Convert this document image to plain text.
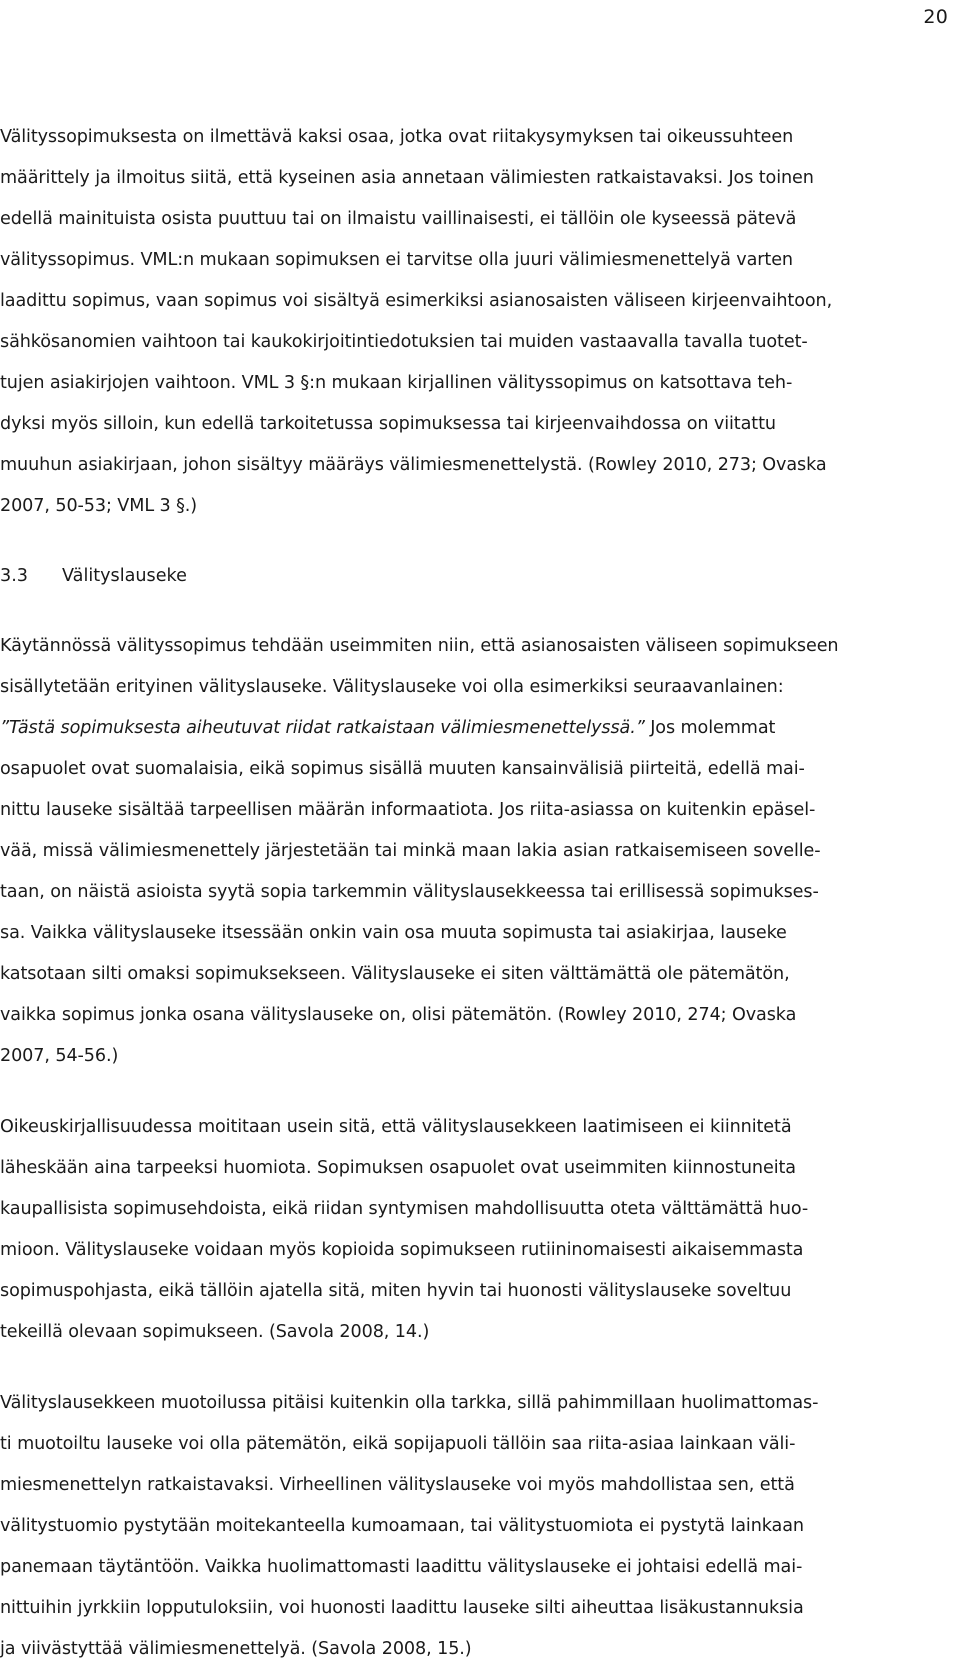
20
Välityssopimuksesta on ilmettävä kaksi osaa, jotka ovat riitakysymyksen tai oikeussuhteen
määrittely ja ilmoitus siitä, että kyseinen asia annetaan välimiesten ratkaistavaksi. Jos toinen
edellä mainituista osista puuttuu tai on ilmaistu vaillinaisesti, ei tällöin ole kyseessä pätevä
välityssopimus. VML:n mukaan sopimuksen ei tarvitse olla juuri välimiesmenettelyä varten
laadittu sopimus, vaan sopimus voi sisältyä esimerkiksi asianosaisten väliseen kirjeenvaihtoon,
sähkösanomien vaihtoon tai kaukokirjoitintiedotuksien tai muiden vastaavalla tavalla tuotet-
tujen asiakirjojen vaihtoon. VML 3 §:n mukaan kirjallinen välityssopimus on katsottava teh-
dyksi myös silloin, kun edellä tarkoitetussa sopimuksessa tai kirjeenvaihdossa on viitattu
muuhun asiakirjaan, johon sisältyy määräys välimiesmenettelystä. (Rowley 2010, 273; Ovaska
2007, 50-53; VML 3 §.)
3.3 Välityslauseke
Käytännössä välityssopimus tehdään useimmiten niin, että asianosaisten väliseen sopimukseen
sisällytetään erityinen välityslauseke. Välityslauseke voi olla esimerkiksi seuraavanlainen:
”Tästä sopimuksesta aiheutuvat riidat ratkaistaan välimiesmenettelyssä.” Jos molemmat
osapuolet ovat suomalaisia, eikä sopimus sisällä muuten kansainvälisiä piirteitä, edellä mai-
nittu lauseke sisältää tarpeellisen määrän informaatiota. Jos riita-asiassa on kuitenkin epäsel-
vää, missä välimiesmenettely järjestetään tai minkä maan lakia asian ratkaisemiseen sovelle-
taan, on näistä asioista syytä sopia tarkemmin välityslausekkeessa tai erillisessä sopimukses-
sa. Vaikka välityslauseke itsessään onkin vain osa muuta sopimusta tai asiakirjaa, lauseke
katsotaan silti omaksi sopimuksekseen. Välityslauseke ei siten välttämättä ole pätemätön,
vaikka sopimus jonka osana välityslauseke on, olisi pätemätön. (Rowley 2010, 274; Ovaska
2007, 54-56.)
Oikeuskirjallisuudessa moititaan usein sitä, että välityslausekkeen laatimiseen ei kiinnitetä
läheskään aina tarpeeksi huomiota. Sopimuksen osapuolet ovat useimmiten kiinnostuneita
kaupallisista sopimusehdoista, eikä riidan syntymisen mahdollisuutta oteta välttämättä huo-
mioon. Välityslauseke voidaan myös kopioida sopimukseen rutiininomaisesti aikaisemmasta
sopimuspohjasta, eikä tällöin ajatella sitä, miten hyvin tai huonosti välityslauseke soveltuu
tekeillä olevaan sopimukseen. (Savola 2008, 14.)
Välityslausekkeen muotoilussa pitäisi kuitenkin olla tarkka, sillä pahimmillaan huolimattomas-
ti muotoiltu lauseke voi olla pätemätön, eikä sopijapuoli tällöin saa riita-asiaa lainkaan väli-
miesmenettelyn ratkaistavaksi. Virheellinen välityslauseke voi myös mahdollistaa sen, että
välitystuomio pystytään moitekanteella kumoamaan, tai välitystuomiota ei pystytä lainkaan
panemaan täytäntöön. Vaikka huolimattomasti laadittu välityslauseke ei johtaisi edellä mai-
nittuihin jyrkkiin lopputuloksiin, voi huonosti laadittu lauseke silti aiheuttaa lisäkustannuksia
ja viivästyttää välimiesmenettelyä. (Savola 2008, 15.)
